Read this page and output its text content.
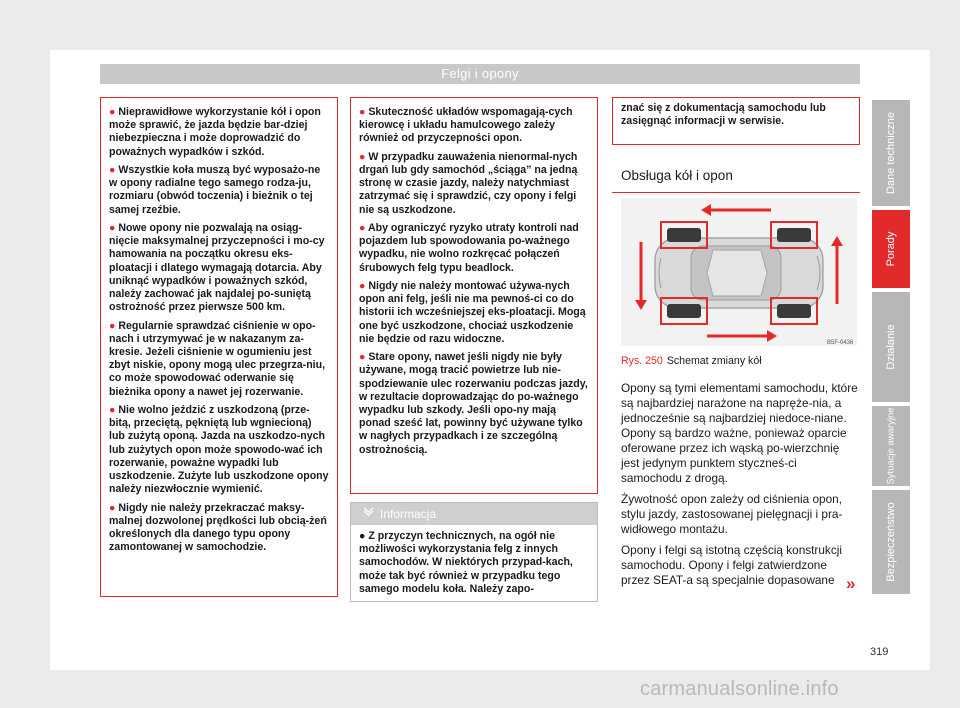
Felgi i opony

● Nieprawidłowe wykorzystanie kół i opon może sprawić, że jazda będzie bar-dziej niebezpieczna i może doprowadzić do poważnych wypadków i szkód.

● Wszystkie koła muszą być wyposażo-ne w opony radialne tego samego rodza-ju, rozmiaru (obwód toczenia) i bieżnik o tej samej rzeźbie.

● Nowe opony nie pozwalają na osiąg-nięcie maksymalnej przyczepności i mo-cy hamowania na początku okresu eks-ploatacji i dlatego wymagają dotarcia. Aby uniknąć wypadków i poważnych szkód, należy zachować jak najdalej po-suniętą ostrożność przez pierwsze 500 km.

● Regularnie sprawdzać ciśnienie w opo-nach i utrzymywać je w nakazanym za-kresie. Jeżeli ciśnienie w ogumieniu jest zbyt niskie, opony mogą ulec przegrza-niu, co może spowodować oderwanie się bieżnika opony a nawet jej rozerwanie.

● Nie wolno jeździć z uszkodzoną (prze-bitą, przeciętą, pękniętą lub wgniecioną) lub zużytą oponą. Jazda na uszkodzo-nych lub zużytych opon może spowodo-wać ich rozerwanie, poważne wypadki lub uszkodzenie. Zużyte lub uszkodzone opony należy niezwłocznie wymienić.

● Nigdy nie należy przekraczać maksy-malnej dozwolonej prędkości lub obcią-żeń określonych dla danego typu opony zamontowanej w samochodzie.

● Skuteczność układów wspomagają-cych kierowcę i układu hamulcowego zależy również od przyczepności opon.

● W przypadku zauważenia nienormal-nych drgań lub gdy samochód „ściąga” na jedną stronę w czasie jazdy, należy natychmiast zatrzymać się i sprawdzić, czy opony i felgi nie są uszkodzone.

● Aby ograniczyć ryzyko utraty kontroli nad pojazdem lub spowodowania po-ważnego wypadku, nie wolno rozkręcać połączeń śrubowych felg typu beadlock.

● Nigdy nie należy montować używa-nych opon ani felg, jeśli nie ma pewnoś-ci co do historii ich wcześniejszej eks-ploatacji. Mogą one być uszkodzone, chociaż uszkodzenie nie będzie od razu widoczne.

● Stare opony, nawet jeśli nigdy nie były używane, mogą tracić powietrze lub nie-spodziewanie ulec rozerwaniu podczas jazdy, w rezultacie doprowadzając do po-ważnego wypadku lub szkody. Jeśli opo-ny mają ponad sześć lat, powinny być używane tylko w nagłych przypadkach i ze szczególną ostrożnością.

Informacja
● Z przyczyn technicznych, na ogół nie możliwości wykorzystania felg z innych samochodów. W niektórych przypad-kach, może tak być również w przypadku tego samego modelu koła. Należy zapo-

znać się z dokumentacją samochodu lub zasięgnąć informacji w serwisie.

Obsługa kół i opon
B5F-0436
Rys. 250 Schemat zmiany kół

Opony są tymi elementami samochodu, które są najbardziej narażone na napręże-nia, a jednocześnie są najbardziej niedoce-niane. Opony są bardzo ważne, ponieważ oparcie oferowane przez ich wąską po-wierzchnię jest jedynym punktem styczneś-ci samochodu z drogą.

Żywotność opon zależy od ciśnienia opon, stylu jazdy, zastosowanej pielęgnacji i pra-widłowego montażu.

Opony i felgi są istotną częścią konstrukcji samochodu. Opony i felgi zatwierdzone przez SEAT-a są specjalnie dopasowane »
Dane techniczne
Porady
Działanie
Sytuacje awaryjne
Bezpieczeństwo
319
carmanualsonline.info
